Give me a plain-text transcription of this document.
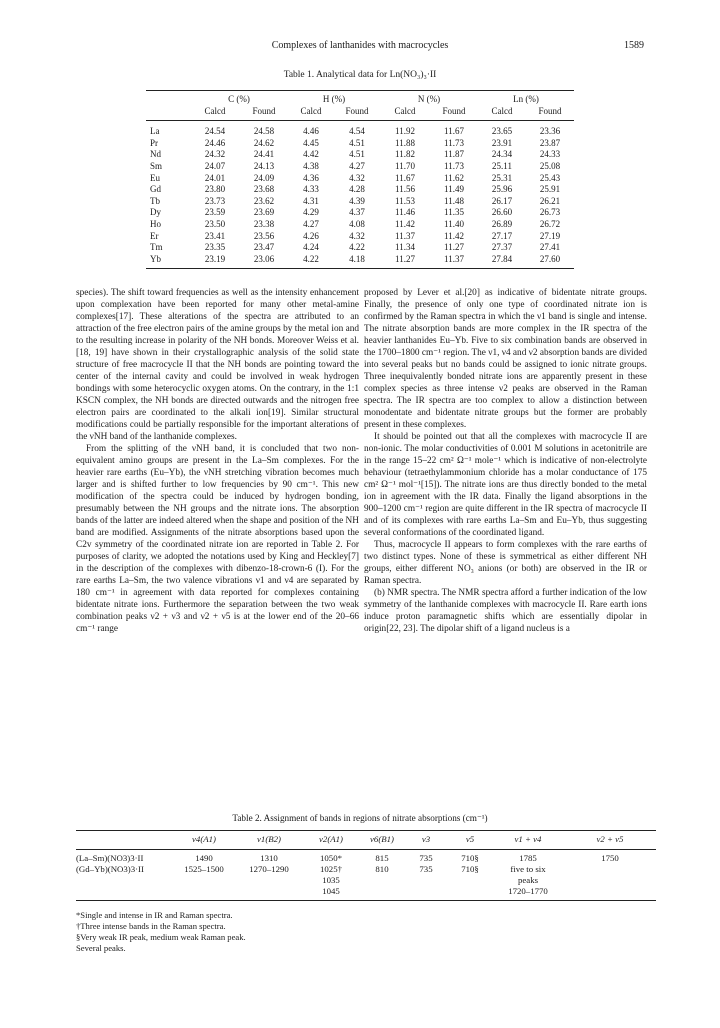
Complexes of lanthanides with macrocycles	1589
Table 1. Analytical data for Ln(NO₃)₃·II
	C (%)		H (%)		N (%)		Ln (%)	
	Calcd	Found	Calcd	Found	Calcd	Found	Calcd	Found
La	24.54	24.58	4.46	4.54	11.92	11.67	23.65	23.36
Pr	24.46	24.62	4.45	4.51	11.88	11.73	23.91	23.87
Nd	24.32	24.41	4.42	4.51	11.82	11.87	24.34	24.33
Sm	24.07	24.13	4.38	4.27	11.70	11.73	25.11	25.08
Eu	24.01	24.09	4.36	4.32	11.67	11.62	25.31	25.43
Gd	23.80	23.68	4.33	4.28	11.56	11.49	25.96	25.91
Tb	23.73	23.62	4.31	4.39	11.53	11.48	26.17	26.21
Dy	23.59	23.69	4.29	4.37	11.46	11.35	26.60	26.73
Ho	23.50	23.38	4.27	4.08	11.42	11.40	26.89	26.72
Er	23.41	23.56	4.26	4.32	11.37	11.42	27.17	27.19
Tm	23.35	23.47	4.24	4.22	11.34	11.27	27.37	27.41
Yb	23.19	23.06	4.22	4.18	11.27	11.37	27.84	27.60

species). The shift toward frequencies as well as the intensity enhancement upon complexation have been reported for many other metal-amine complexes[17]. These alterations of the spectra are attributed to an attraction of the free electron pairs of the amine groups by the metal ion and to the resulting increase in polarity of the NH bonds. Moreover Weiss et al.[18, 19] have shown in their crystallographic analysis of the solid state structure of free macrocycle II that the NH bonds are pointing toward the center of the internal cavity and could be involved in weak hydrogen bondings with some heterocyclic oxygen atoms. On the contrary, in the 1:1 KSCN complex, the NH bonds are directed outwards and the nitrogen free electron pairs are coordinated to the alkali ion[19]. Similar structural modifications could be partially responsible for the important alterations of the νNH band of the lanthanide complexes.

From the splitting of the νNH band, it is concluded that two non-equivalent amino groups are present in the La–Sm complexes. For the heavier rare earths (Eu–Yb), the νNH stretching vibration becomes much larger and is shifted further to low frequencies by 90 cm⁻¹. This new modification of the spectra could be induced by hydrogen bonding, presumably between the NH groups and the nitrate ions. The absorption bands of the latter are indeed altered when the shape and position of the NH band are modified. Assignments of the nitrate absorptions based upon the C2v symmetry of the coordinated nitrate ion are reported in Table 2. For purposes of clarity, we adopted the notations used by King and Heckley[7] in the description of the complexes with dibenzo-18-crown-6 (I). For the rare earths La–Sm, the two valence vibrations ν1 and ν4 are separated by 180 cm⁻¹ in agreement with data reported for complexes containing bidentate nitrate ions. Furthermore the separation between the two weak combination peaks ν2 + ν3 and ν2 + ν5 is at the lower end of the 20–66 cm⁻¹ range

proposed by Lever et al.[20] as indicative of bidentate nitrate groups. Finally, the presence of only one type of coordinated nitrate ion is confirmed by the Raman spectra in which the ν1 band is single and intense. The nitrate absorption bands are more complex in the IR spectra of the heavier lanthanides Eu–Yb. Five to six combination bands are observed in the 1700–1800 cm⁻¹ region. The ν1, ν4 and ν2 absorption bands are divided into several peaks but no bands could be assigned to ionic nitrate groups. Three inequivalently bonded nitrate ions are apparently present in these complex species as three intense ν2 peaks are observed in the Raman spectra. The IR spectra are too complex to allow a distinction between monodentate and bidentate nitrate groups but the former are probably present in these complexes.

It should be pointed out that all the complexes with macrocycle II are non-ionic. The molar conductivities of 0.001 M solutions in acetonitrile are in the range 15–22 cm² Ω⁻¹ mole⁻¹ which is indicative of non-electrolyte behaviour (tetraethylammonium chloride has a molar conductance of 175 cm² Ω⁻¹ mol⁻¹[15]). The nitrate ions are thus directly bonded to the metal ion in agreement with the IR data. Finally the ligand absorptions in the 900–1200 cm⁻¹ region are quite different in the IR spectra of macrocycle II and of its complexes with rare earths La–Sm and Eu–Yb, thus suggesting several conformations of the coordinated ligand.

Thus, macrocycle II appears to form complexes with the rare earths of two distinct types. None of these is symmetrical as either different NH groups, either different NO₃ anions (or both) are observed in the IR or Raman spectra.

(b) NMR spectra. The NMR spectra afford a further indication of the low symmetry of the lanthanide complexes with macrocycle II. Rare earth ions induce proton paramagnetic shifts which are essentially dipolar in origin[22, 23]. The dipolar shift of a ligand nucleus is a

Table 2. Assignment of bands in regions of nitrate absorptions (cm⁻¹)
	ν4(A1)	ν1(B2)	ν2(A1)	ν6(B1)	ν3	ν5	ν1 + ν4	ν2 + ν5
(La–Sm)(NO3)3·II	1490	1310	1050*	815	735	710§	1785	1750
(Gd–Yb)(NO3)3·II	1525–1500	1270–1290	1025†	810	735	710§	five to six	
			1035				peaks	
			1045				1720–1770	
*Single and intense in IR and Raman spectra.
†Three intense bands in the Raman spectra.
§Very weak IR peak, medium weak Raman peak.
Several peaks.
